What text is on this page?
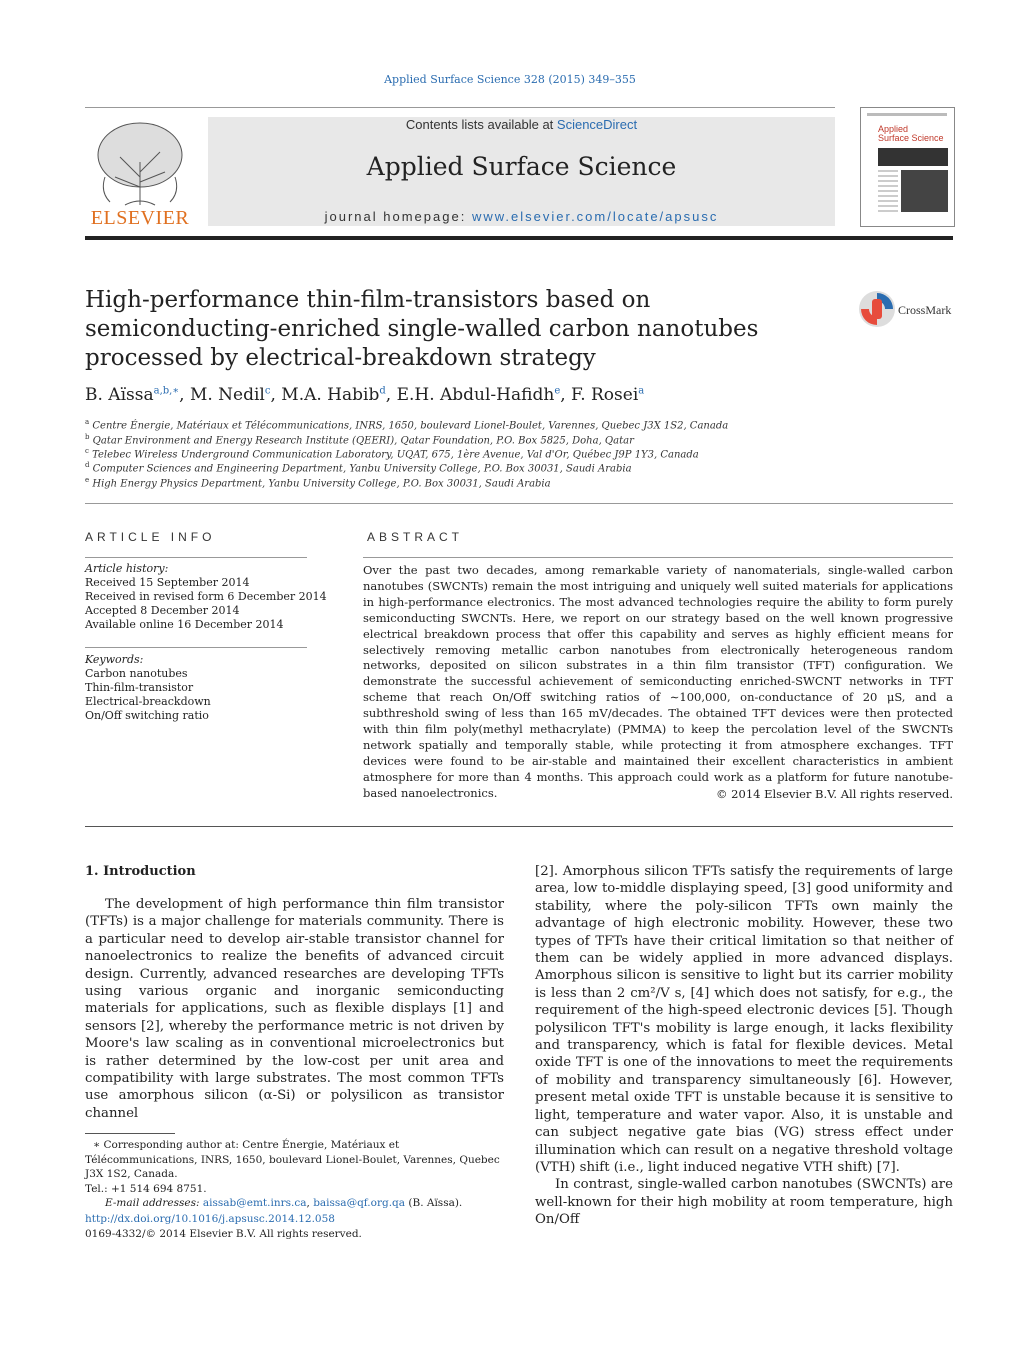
Applied Surface Science 328 (2015) 349–355
ELSEVIER
Contents lists available at ScienceDirect
Applied Surface Science
journal homepage: www.elsevier.com/locate/apsusc
Applied
Surface Science
High-performance thin-film-transistors based on semiconducting-enriched single-walled carbon nanotubes processed by electrical-breakdown strategy
CrossMark
B. Aïssa$^{a,b,∗}$, M. Nedil$^c$, M.A. Habib$^d$, E.H. Abdul-Hafidh$^e$, F. Rosei$^a$
$^a$ Centre Énergie, Matériaux et Télécommunications, INRS, 1650, boulevard Lionel-Boulet, Varennes, Quebec J3X 1S2, Canada
$^b$ Qatar Environment and Energy Research Institute (QEERI), Qatar Foundation, P.O. Box 5825, Doha, Qatar
$^c$ Telebec Wireless Underground Communication Laboratory, UQAT, 675, 1ère Avenue, Val d'Or, Québec J9P 1Y3, Canada
$^d$ Computer Sciences and Engineering Department, Yanbu University College, P.O. Box 30031, Saudi Arabia
$^e$ High Energy Physics Department, Yanbu University College, P.O. Box 30031, Saudi Arabia
ARTICLE INFO
Article history:
Received 15 September 2014
Received in revised form 6 December 2014
Accepted 8 December 2014
Available online 16 December 2014
Keywords:
Carbon nanotubes
Thin-film-transistor
Electrical-breackdown
On/Off switching ratio
ABSTRACT
Over the past two decades, among remarkable variety of nanomaterials, single-walled carbon nanotubes (SWCNTs) remain the most intriguing and uniquely well suited materials for applications in high-performance electronics. The most advanced technologies require the ability to form purely semiconducting SWCNTs. Here, we report on our strategy based on the well known progressive electrical breakdown process that offer this capability and serves as highly efficient means for selectively removing metallic carbon nanotubes from electronically heterogeneous random networks, deposited on silicon substrates in a thin film transistor (TFT) configuration. We demonstrate the successful achievement of semiconducting enriched-SWCNT networks in TFT scheme that reach On/Off switching ratios of ∼100,000, on-conductance of 20 μS, and a subthreshold swing of less than 165 mV/decades. The obtained TFT devices were then protected with thin film poly(methyl methacrylate) (PMMA) to keep the percolation level of the SWCNTs network spatially and temporally stable, while protecting it from atmosphere exchanges. TFT devices were found to be air-stable and maintained their excellent characteristics in ambient atmosphere for more than 4 months. This approach could work as a platform for future nanotube-based nanoelectronics.	© 2014 Elsevier B.V. All rights reserved.
1. Introduction
The development of high performance thin film transistor (TFTs) is a major challenge for materials community. There is a particular need to develop air-stable transistor channel for nanoelectronics to realize the benefits of advanced circuit design. Currently, advanced researches are developing TFTs using various organic and inorganic semiconducting materials for applications, such as flexible displays [1] and sensors [2], whereby the performance metric is not driven by Moore's law scaling as in conventional microelectronics but is rather determined by the low-cost per unit area and compatibility with large substrates. The most common TFTs use amorphous silicon (α-Si) or polysilicon as transistor channel
[2]. Amorphous silicon TFTs satisfy the requirements of large area, low to-middle displaying speed, [3] good uniformity and stability, where the poly-silicon TFTs own mainly the advantage of high electronic mobility. However, these two types of TFTs have their critical limitation so that neither of them can be widely applied in more advanced displays. Amorphous silicon is sensitive to light but its carrier mobility is less than 2 cm²/V s, [4] which does not satisfy, for e.g., the requirement of the high-speed electronic devices [5]. Though polysilicon TFT's mobility is large enough, it lacks flexibility and transparency, which is fatal for flexible devices. Metal oxide TFT is one of the innovations to meet the requirements of mobility and transparency simultaneously [6]. However, present metal oxide TFT is unstable because it is sensitive to light, temperature and water vapor. Also, it is unstable and can subject negative gate bias (VG) stress effect under illumination which can result on a negative threshold voltage (VTH) shift (i.e., light induced negative VTH shift) [7].
In contrast, single-walled carbon nanotubes (SWCNTs) are well-known for their high mobility at room temperature, high On/Off
∗ Corresponding author at: Centre Énergie, Matériaux et Télécommunications, INRS, 1650, boulevard Lionel-Boulet, Varennes, Quebec J3X 1S2, Canada.
Tel.: +1 514 694 8751.
E-mail addresses: aissab@emt.inrs.ca, baissa@qf.org.qa (B. Aïssa).
http://dx.doi.org/10.1016/j.apsusc.2014.12.058
0169-4332/© 2014 Elsevier B.V. All rights reserved.
